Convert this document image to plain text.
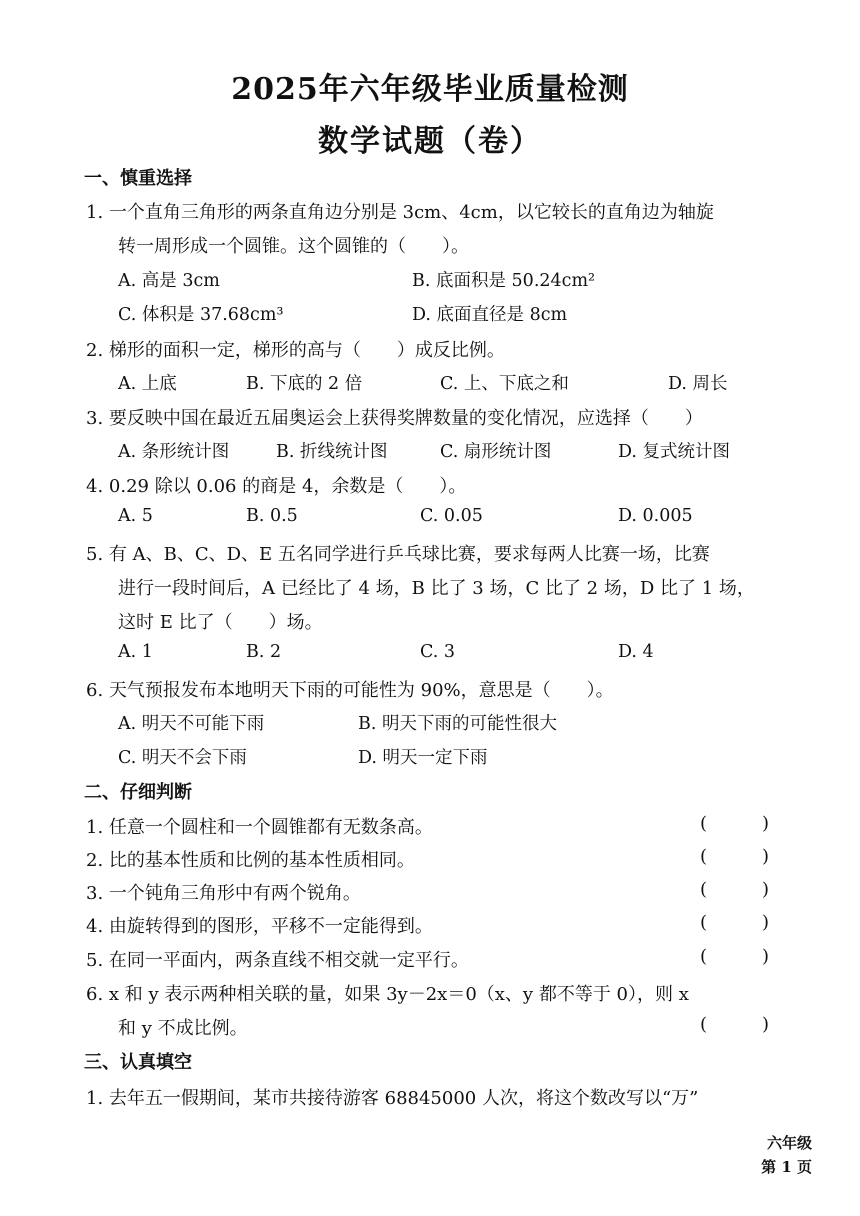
2025年六年级毕业质量检测
数学试题（卷）
一、慎重选择
1. 一个直角三角形的两条直角边分别是 3cm、4cm，以它较长的直角边为轴旋
转一周形成一个圆锥。这个圆锥的（　　）。
A. 高是 3cm	B. 底面积是 50.24cm²
C. 体积是 37.68cm³	D. 底面直径是 8cm
2. 梯形的面积一定，梯形的高与（　　）成反比例。
A. 上底	B. 下底的 2 倍	C. 上、下底之和	D. 周长
3. 要反映中国在最近五届奥运会上获得奖牌数量的变化情况，应选择（　　）
A. 条形统计图	B. 折线统计图	C. 扇形统计图	D. 复式统计图
4. 0.29 除以 0.06 的商是 4，余数是（　　）。
A. 5	B. 0.5	C. 0.05	D. 0.005
5. 有 A、B、C、D、E 五名同学进行乒乓球比赛，要求每两人比赛一场，比赛
进行一段时间后，A 已经比了 4 场，B 比了 3 场，C 比了 2 场，D 比了 1 场，
这时 E 比了（　　）场。
A. 1	B. 2	C. 3	D. 4
6. 天气预报发布本地明天下雨的可能性为 90%，意思是（　　）。
A. 明天不可能下雨	B. 明天下雨的可能性很大
C. 明天不会下雨	D. 明天一定下雨
二、仔细判断
1. 任意一个圆柱和一个圆锥都有无数条高。	(	)
2. 比的基本性质和比例的基本性质相同。	(	)
3. 一个钝角三角形中有两个锐角。	(	)
4. 由旋转得到的图形，平移不一定能得到。	(	)
5. 在同一平面内，两条直线不相交就一定平行。	(	)
6. x 和 y 表示两种相关联的量，如果 3y－2x＝0（x、y 都不等于 0），则 x
和 y 不成比例。	(	)
三、认真填空
1. 去年五一假期间，某市共接待游客 68845000 人次，将这个数改写以“万”
六年级
第 1 页
